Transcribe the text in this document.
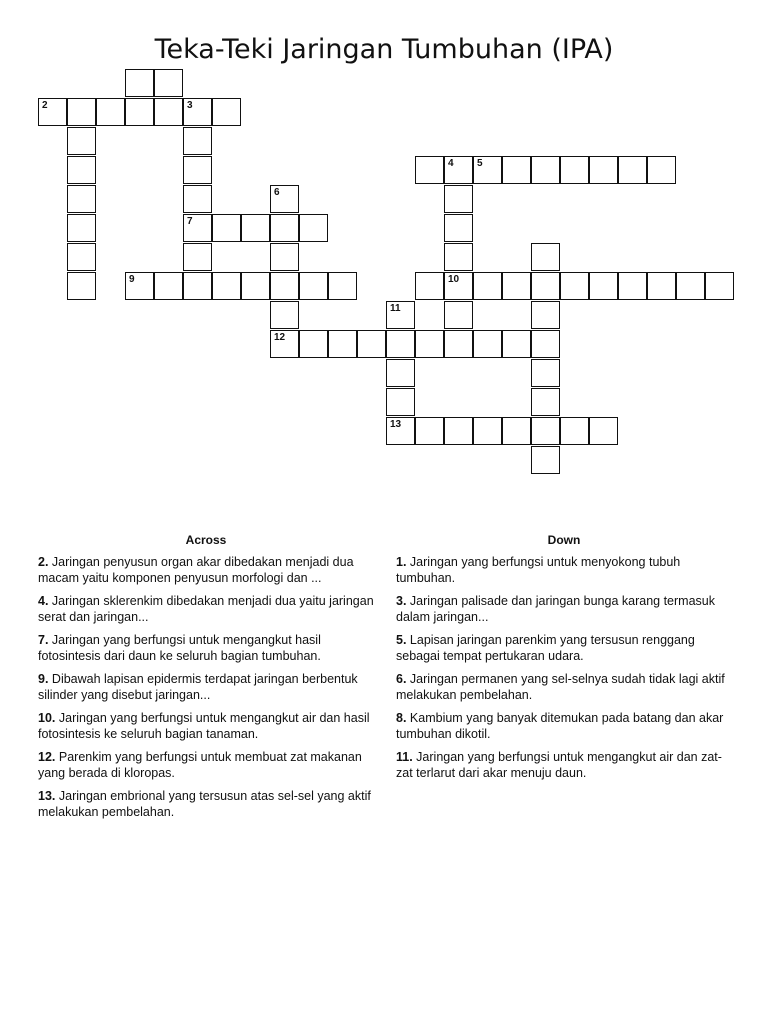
Teka-Teki Jaringan Tumbuhan (IPA)
2	3
4 5
6
7
9	10
11
12
13
Across	Down

2. Jaringan penyusun organ akar dibedakan menjadi dua macam yaitu komponen penyusun morfologi dan ...

4. Jaringan sklerenkim dibedakan menjadi dua yaitu jaringan serat dan jaringan...

7. Jaringan yang berfungsi untuk mengangkut hasil fotosintesis dari daun ke seluruh bagian tumbuhan.

9. Dibawah lapisan epidermis terdapat jaringan berbentuk silinder yang disebut jaringan...

10. Jaringan yang berfungsi untuk mengangkut air dan hasil fotosintesis ke seluruh bagian tanaman.

12. Parenkim yang berfungsi untuk membuat zat makanan yang berada di kloropas.

13. Jaringan embrional yang tersusun atas sel-sel yang aktif melakukan pembelahan.

1. Jaringan yang berfungsi untuk menyokong tubuh tumbuhan.

3. Jaringan palisade dan jaringan bunga karang termasuk dalam jaringan...

5. Lapisan jaringan parenkim yang tersusun renggang sebagai tempat pertukaran udara.

6. Jaringan permanen yang sel-selnya sudah tidak lagi aktif melakukan pembelahan.

8. Kambium yang banyak ditemukan pada batang dan akar tumbuhan dikotil.

11. Jaringan yang berfungsi untuk mengangkut air dan zat-zat terlarut dari akar menuju daun.
